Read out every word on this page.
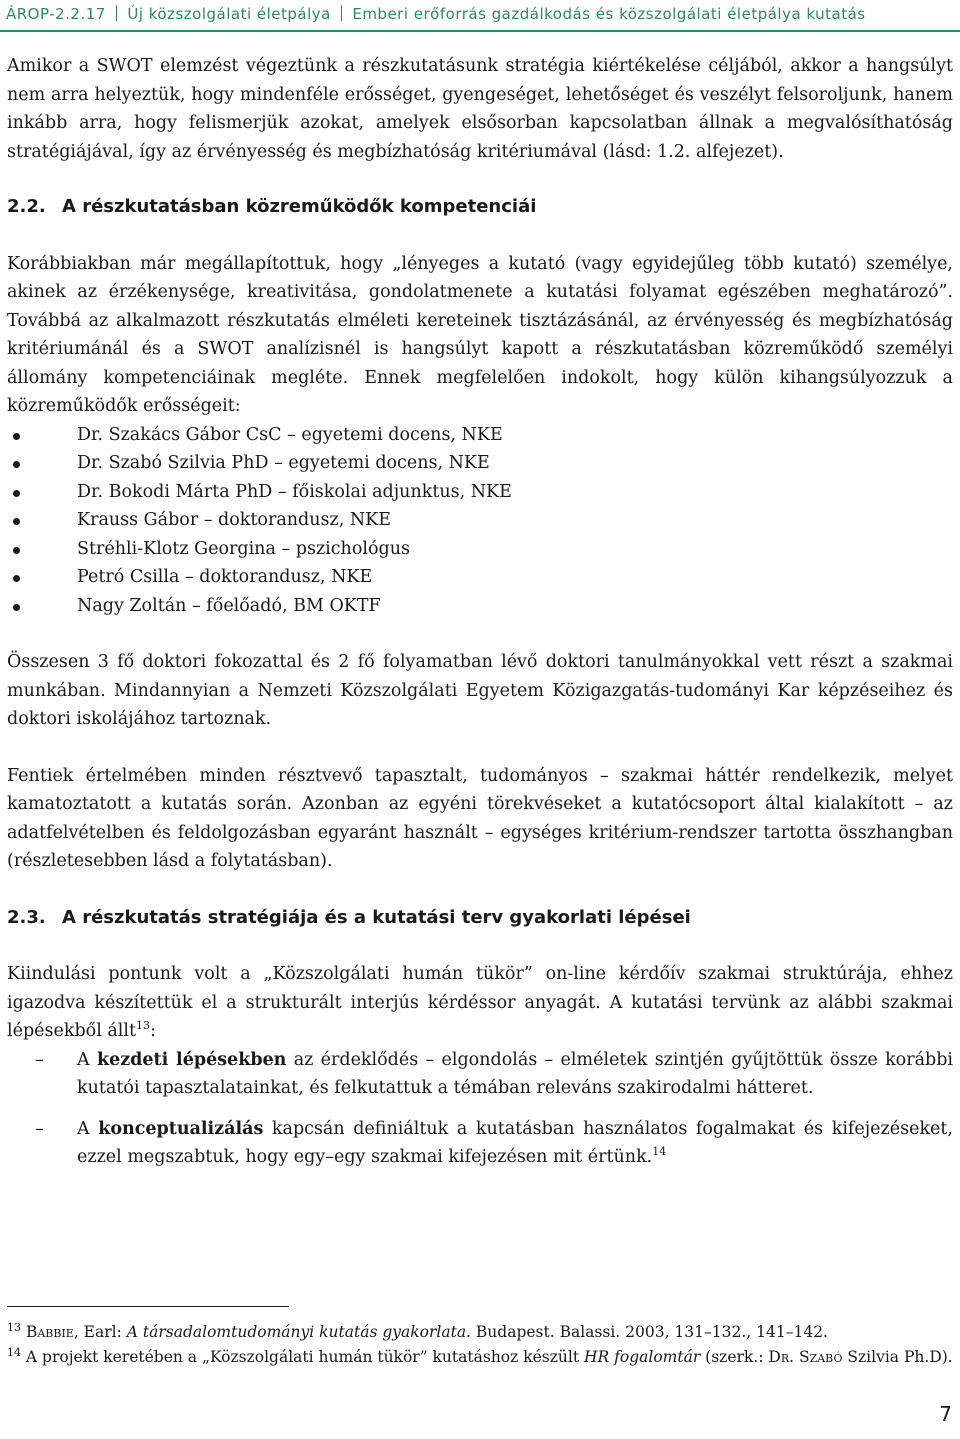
ÁROP-2.2.17 Új közszolgálati életpálya Emberi erőforrás gazdálkodás és közszolgálati életpálya kutatás

Amikor a SWOT elemzést végeztünk a részkutatásunk stratégia kiértékelése céljából, akkor a hangsúlyt nem arra helyeztük, hogy mindenféle erősséget, gyengeséget, lehetőséget és veszélyt felsoroljunk, hanem inkább arra, hogy felismerjük azokat, amelyek elsősorban kapcsolatban állnak a megvalósíthatóság stratégiájával, így az érvényesség és megbízhatóság kritériumával (lásd: 1.2. alfejezet).

2.2. A részkutatásban közreműködők kompetenciái

Korábbiakban már megállapítottuk, hogy „lényeges a kutató (vagy egyidejűleg több kutató) személye, akinek az érzékenysége, kreativitása, gondolatmenete a kutatási folyamat egészében meghatározó”. Továbbá az alkalmazott részkutatás elméleti kereteinek tisztázásánál, az érvényesség és megbízhatóság kritériumánál és a SWOT analízisnél is hangsúlyt kapott a részkutatásban közreműködő személyi állomány kompetenciáinak megléte. Ennek megfelelően indokolt, hogy külön kihangsúlyozzuk a közreműködők erősségeit:

Dr. Szakács Gábor CsC – egyetemi docens, NKE
Dr. Szabó Szilvia PhD – egyetemi docens, NKE
Dr. Bokodi Márta PhD – főiskolai adjunktus, NKE
Krauss Gábor – doktorandusz, NKE
Stréhli-Klotz Georgina – pszichológus
Petró Csilla – doktorandusz, NKE
Nagy Zoltán – főelőadó, BM OKTF

Összesen 3 fő doktori fokozattal és 2 fő folyamatban lévő doktori tanulmányokkal vett részt a szakmai munkában. Mindannyian a Nemzeti Közszolgálati Egyetem Közigazgatás-tudományi Kar képzéseihez és doktori iskolájához tartoznak.

Fentiek értelmében minden résztvevő tapasztalt, tudományos – szakmai háttér rendelkezik, melyet kamatoztatott a kutatás során. Azonban az egyéni törekvéseket a kutatócsoport által kialakított – az adatfelvételben és feldolgozásban egyaránt használt – egységes kritérium-rendszer tartotta összhangban (részletesebben lásd a folytatásban).

2.3. A részkutatás stratégiája és a kutatási terv gyakorlati lépései

Kiindulási pontunk volt a „Közszolgálati humán tükör” on-line kérdőív szakmai struktúrája, ehhez igazodva készítettük el a strukturált interjús kérdéssor anyagát. A kutatási tervünk az alábbi szakmai lépésekből állt$^{13}$:

– A kezdeti lépésekben az érdeklődés – elgondolás – elméletek szintjén gyűjtöttük össze korábbi kutatói tapasztalatainkat, és felkutattuk a témában releváns szakirodalmi hátteret.
– A konceptualizálás kapcsán definiáltuk a kutatásban használatos fogalmakat és kifejezéseket, ezzel megszabtuk, hogy egy–egy szakmai kifejezésen mit értünk.$^{14}$
$^{13}$ Babbie, Earl: A társadalomtudományi kutatás gyakorlata. Budapest. Balassi. 2003, 131–132., 141–142.
$^{14}$ A projekt keretében a „Közszolgálati humán tükör” kutatáshoz készült HR fogalomtár (szerk.: Dr. Szabó Szilvia Ph.D).
7
